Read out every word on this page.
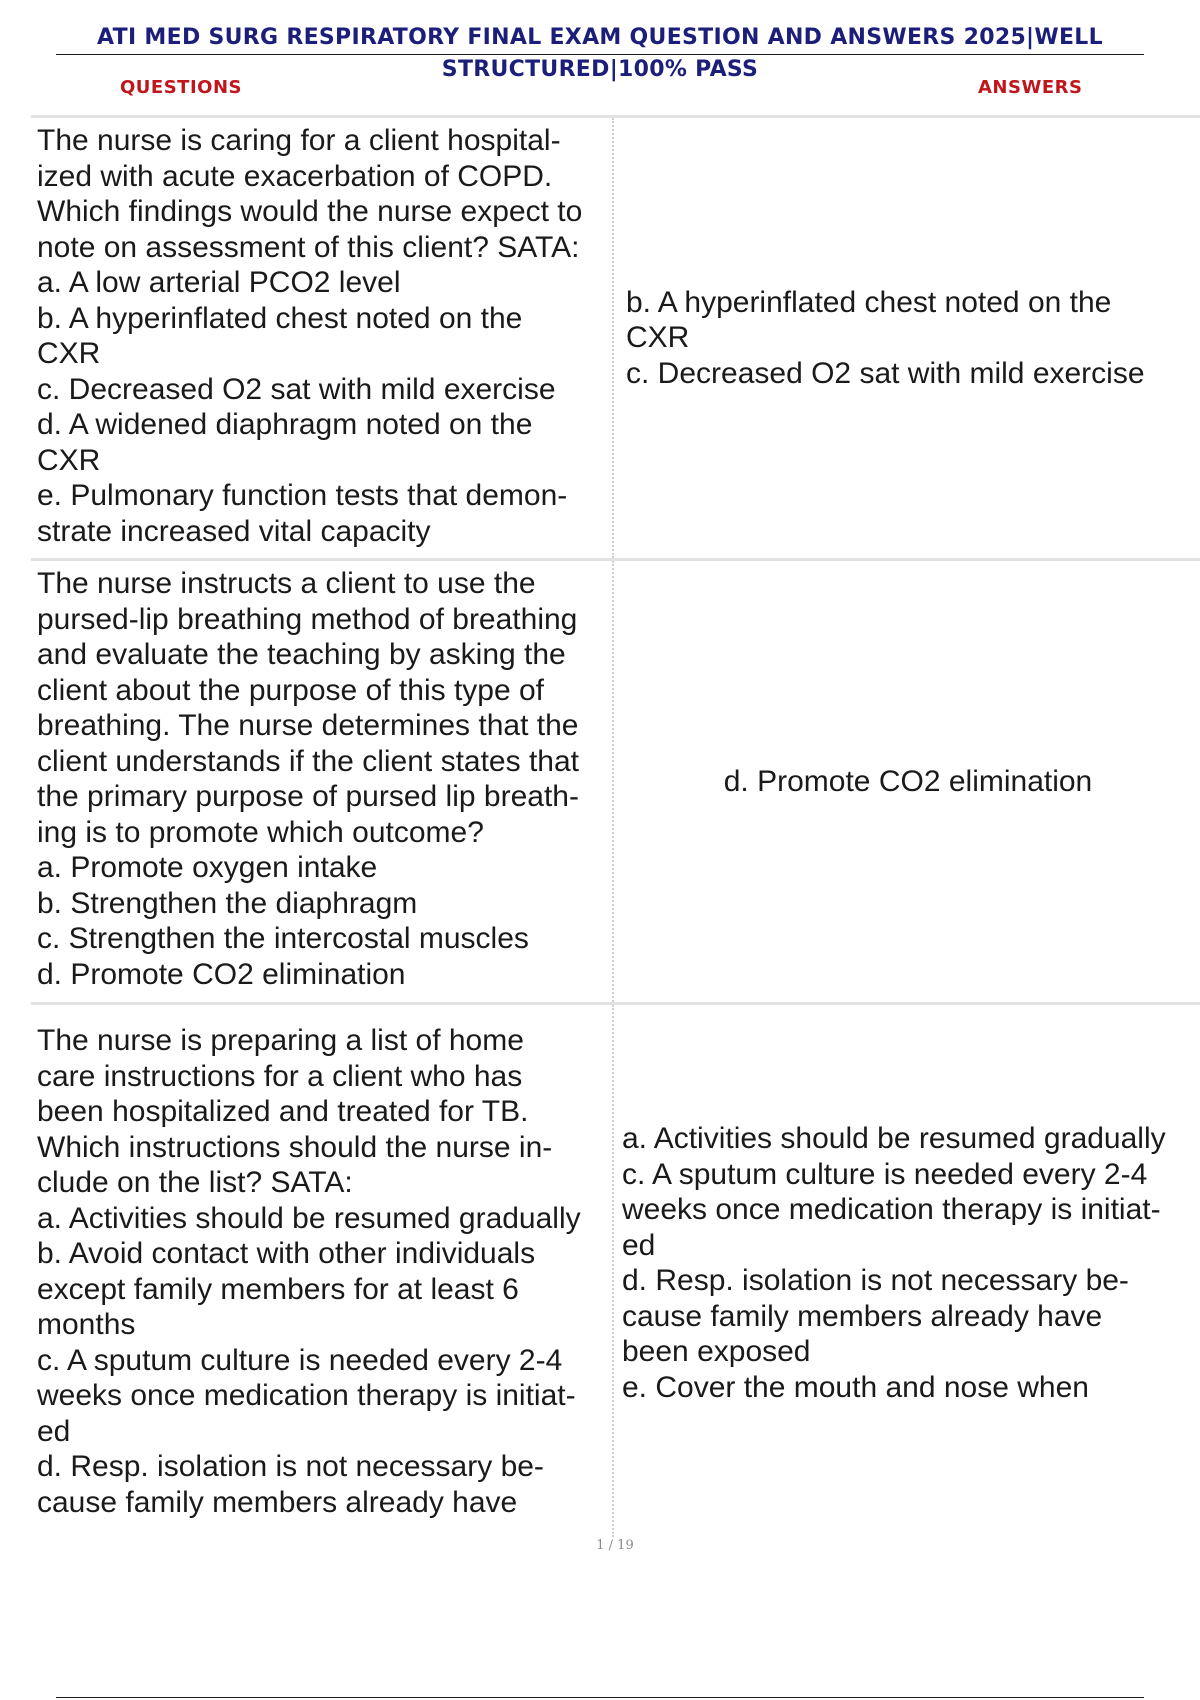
ATI MED SURG RESPIRATORY FINAL EXAM QUESTION AND ANSWERS 2025|WELL
STRUCTURED|100% PASS
QUESTIONS	ANSWERS
The nurse is caring for a client hospital-
ized with acute exacerbation of COPD.
Which findings would the nurse expect to
note on assessment of this client? SATA:
a. A low arterial PCO2 level
b. A hyperinflated chest noted on the
CXR
c. Decreased O2 sat with mild exercise
d. A widened diaphragm noted on the
CXR
e. Pulmonary function tests that demon-
strate increased vital capacity
b. A hyperinflated chest noted on the
CXR
c. Decreased O2 sat with mild exercise
The nurse instructs a client to use the
pursed-lip breathing method of breathing
and evaluate the teaching by asking the
client about the purpose of this type of
breathing. The nurse determines that the
client understands if the client states that
the primary purpose of pursed lip breath-
ing is to promote which outcome?
a. Promote oxygen intake
b. Strengthen the diaphragm
c. Strengthen the intercostal muscles
d. Promote CO2 elimination
d. Promote CO2 elimination
The nurse is preparing a list of home
care instructions for a client who has
been hospitalized and treated for TB.
Which instructions should the nurse in-
clude on the list? SATA:
a. Activities should be resumed gradually
b. Avoid contact with other individuals
except family members for at least 6
months
c. A sputum culture is needed every 2-4
weeks once medication therapy is initiat-
ed
d. Resp. isolation is not necessary be-
cause family members already have
a. Activities should be resumed gradually
c. A sputum culture is needed every 2-4
weeks once medication therapy is initiat-
ed
d. Resp. isolation is not necessary be-
cause family members already have
been exposed
e. Cover the mouth and nose when
1 / 19
